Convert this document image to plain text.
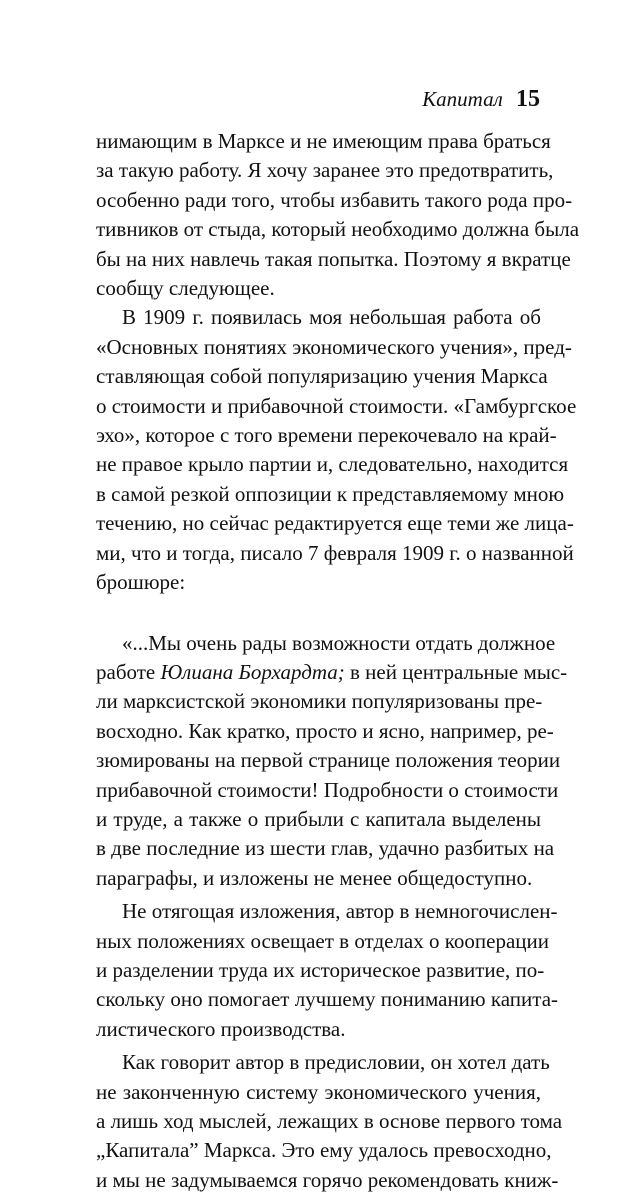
Капитал 15
нимающим в Марксе и не имеющим права браться
за такую работу. Я хочу заранее это предотвратить,
особенно ради того, чтобы избавить такого рода про-
тивников от стыда, который необходимо должна была
бы на них навлечь такая попытка. Поэтому я вкратце
сообщу следующее.
В 1909 г. появилась моя небольшая работа об
«Основных понятиях экономического учения», пред-
ставляющая собой популяризацию учения Маркса
о стоимости и прибавочной стоимости. «Гамбургское
эхо», которое с того времени перекочевало на край-
не правое крыло партии и, следовательно, находится
в самой резкой оппозиции к представляемому мною
течению, но сейчас редактируется еще теми же лица-
ми, что и тогда, писало 7 февраля 1909 г. о названной
брошюре:
«...Мы очень рады возможности отдать должное
работе Юлиана Борхардта; в ней центральные мыс-
ли марксистской экономики популяризованы пре-
восходно. Как кратко, просто и ясно, например, ре-
зюмированы на первой странице положения теории
прибавочной стоимости! Подробности о стоимости
и труде, а также о прибыли с капитала выделены
в две последние из шести глав, удачно разбитых на
параграфы, и изложены не менее общедоступно.
Не отягощая изложения, автор в немногочислен-
ных положениях освещает в отделах о кооперации
и разделении труда их историческое развитие, по-
скольку оно помогает лучшему пониманию капита-
листического производства.
Как говорит автор в предисловии, он хотел дать
не законченную систему экономического учения,
а лишь ход мыслей, лежащих в основе первого тома
„Капитала” Маркса. Это ему удалось превосходно,
и мы не задумываемся горячо рекомендовать книж-
